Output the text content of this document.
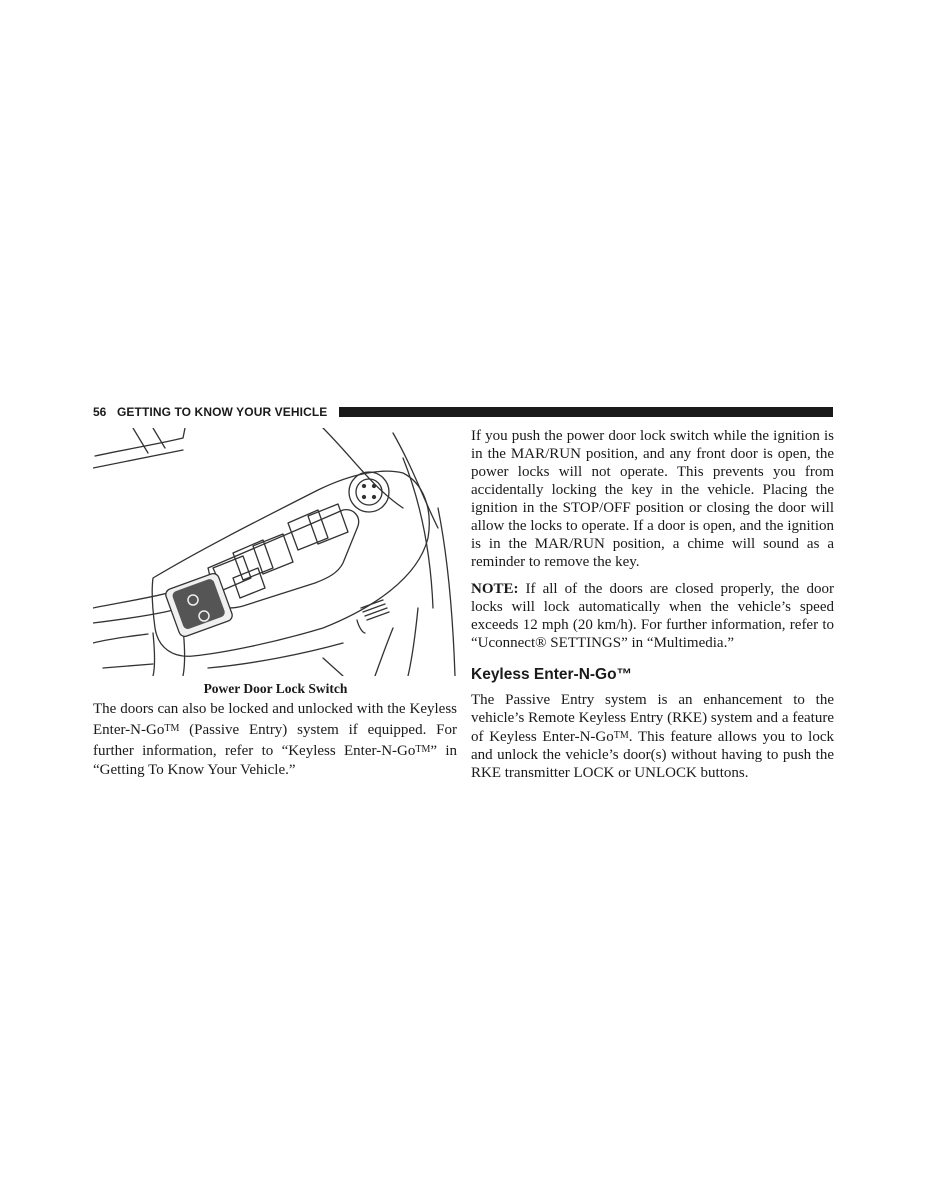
56 GETTING TO KNOW YOUR VEHICLE
Power Door Lock Switch

The doors can also be locked and unlocked with the Keyless Enter-N-Go™ (Passive Entry) system if equipped. For further information, refer to “Keyless Enter-N-Go™” in “Getting To Know Your Vehicle.”

If you push the power door lock switch while the ignition is in the MAR/RUN position, and any front door is open, the power locks will not operate. This prevents you from accidentally locking the key in the vehicle. Placing the ignition in the STOP/OFF position or closing the door will allow the locks to operate. If a door is open, and the ignition is in the MAR/RUN position, a chime will sound as a reminder to remove the key.

NOTE: If all of the doors are closed properly, the door locks will lock automatically when the vehicle’s speed exceeds 12 mph (20 km/h). For further information, refer to “Uconnect® SETTINGS” in “Multimedia.”

Keyless Enter-N-Go™

The Passive Entry system is an enhancement to the vehicle’s Remote Keyless Entry (RKE) system and a feature of Keyless Enter-N-Go™. This feature allows you to lock and unlock the vehicle’s door(s) without having to push the RKE transmitter LOCK or UNLOCK buttons.
